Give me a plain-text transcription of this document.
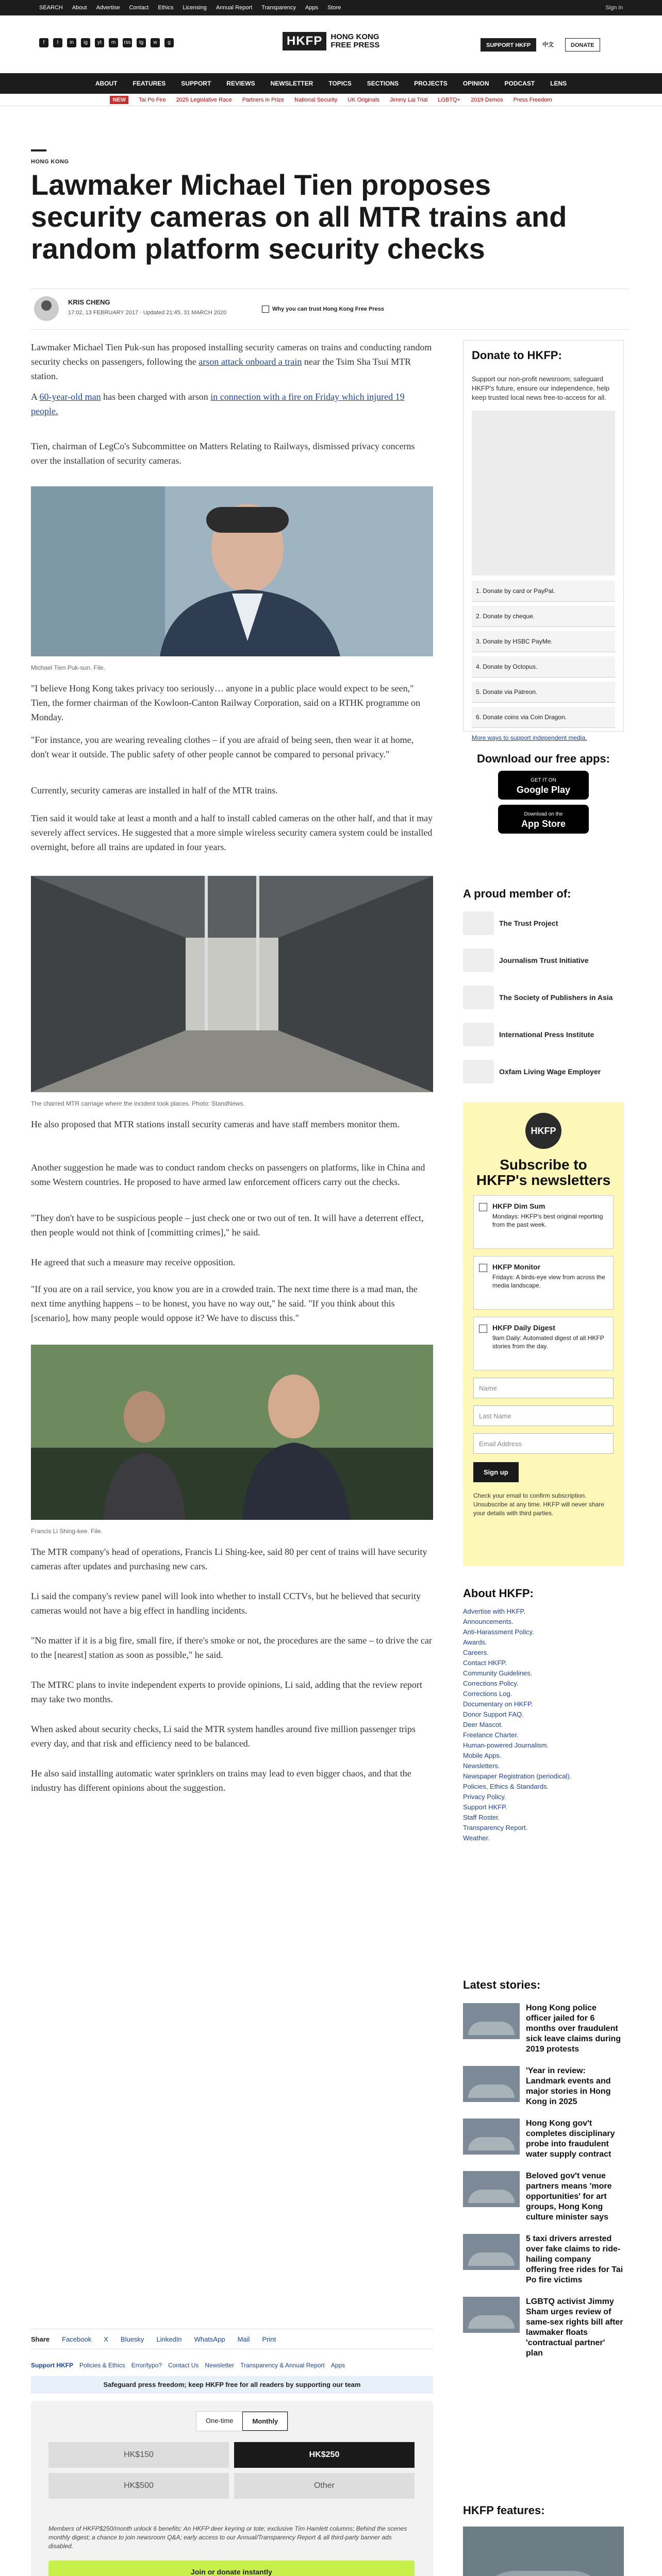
SEARCH About Advertise Contact Ethics Licensing Annual Report Transparency Apps Store	Sign in
f	t	in	ig	yt	m	rss	tg	w	g	HKFP	HONG KONG
FREE PRESS	SUPPORT HKFP	中文	DONATE
ABOUT	FEATURES	SUPPORT	REVIEWS	NEWSLETTER	TOPICS	SECTIONS	PROJECTS	OPINION	PODCAST	LENS
NEW	Tai Po Fire 2025 Legislative Race Partners in Prize National Security UK Originals Jimmy Lai Trial LGBTQ+ 2019 Demos Press Freedom
HONG KONG
Lawmaker Michael Tien proposes security cameras on all MTR trains and random platform security checks
KRIS CHENG
17:02, 13 FEBRUARY 2017 · Updated 21:45, 31 MARCH 2020
Why you can trust Hong Kong Free Press

Lawmaker Michael Tien Puk-sun has proposed installing security cameras on trains and conducting random security checks on passengers, following the arson attack onboard a train near the Tsim Sha Tsui MTR station.

A 60-year-old man has been charged with arson in connection with a fire on Friday which injured 19 people.

Tien, chairman of LegCo's Subcommittee on Matters Relating to Railways, dismissed privacy concerns over the installation of security cameras.

Michael Tien Puk-sun. File.

"I believe Hong Kong takes privacy too seriously… anyone in a public place would expect to be seen," Tien, the former chairman of the Kowloon-Canton Railway Corporation, said on a RTHK programme on Monday.

"For instance, you are wearing revealing clothes – if you are afraid of being seen, then wear it at home, don't wear it outside. The public safety of other people cannot be compared to personal privacy."

Currently, security cameras are installed in half of the MTR trains.

Tien said it would take at least a month and a half to install cabled cameras on the other half, and that it may severely affect services. He suggested that a more simple wireless security camera system could be installed overnight, before all trains are updated in four years.

The charred MTR carriage where the incident took places. Photo: StandNews.

He also proposed that MTR stations install security cameras and have staff members monitor them.

Another suggestion he made was to conduct random checks on passengers on platforms, like in China and some Western countries. He proposed to have armed law enforcement officers carry out the checks.

"They don't have to be suspicious people – just check one or two out of ten. It will have a deterrent effect, then people would not think of [committing crimes]," he said.

He agreed that such a measure may receive opposition.

"If you are on a rail service, you know you are in a crowded train. The next time there is a mad man, the next time anything happens – to be honest, you have no way out," he said. "If you think about this [scenario], how many people would oppose it? We have to discuss this."

Francis Li Shing-kee. File.

The MTR company's head of operations, Francis Li Shing-kee, said 80 per cent of trains will have security cameras after updates and purchasing new cars.

Li said the company's review panel will look into whether to install CCTVs, but he believed that security cameras would not have a big effect in handling incidents.

"No matter if it is a big fire, small fire, if there's smoke or not, the procedures are the same – to drive the car to the [nearest] station as soon as possible," he said.

The MTRC plans to invite independent experts to provide opinions, Li said, adding that the review report may take two months.

When asked about security checks, Li said the MTR system handles around five million passenger trips every day, and that risk and efficiency need to be balanced.

He also said installing automatic water sprinklers on trains may lead to even bigger chaos, and that the industry has different opinions about the suggestion.

Donate to HKFP:
Support our non-profit newsroom; safeguard HKFP's future, ensure our independence, help keep trusted local news free-to-access for all.
1. Donate by card or PayPal.
2. Donate by cheque.
3. Donate by HSBC PayMe.
4. Donate by Octopus.
5. Donate via Patreon.
6. Donate coins via Coin Dragon.
More ways to support independent media.
Download our free apps:
GET IT ON
Google Play
Download on the
App Store
A proud member of:
The Trust Project
Journalism Trust Initiative
The Society of Publishers in Asia
International Press Institute
Oxfam Living Wage Employer
HKFP
Subscribe to HKFP's newsletters
HKFP Dim Sum
Mondays: HKFP's best original reporting from the past week.
HKFP Monitor
Fridays: A birds-eye view from across the media landscape.
HKFP Daily Digest
9am Daily: Automated digest of all HKFP stories from the day.
Name
Last Name
Email Address
Sign up
Check your email to confirm subscription. Unsubscribe at any time. HKFP will never share your details with third parties.
About HKFP:
Advertise with HKFP.
Announcements.
Anti-Harassment Policy.
Awards.
Careers.
Contact HKFP.
Community Guidelines.
Corrections Policy.
Corrections Log.
Documentary on HKFP.
Donor Support FAQ.
Deer Mascot.
Freelance Charter.
Human-powered Journalism.
Mobile Apps.
Newsletters.
Newspaper Registration (periodical).
Policies, Ethics & Standards.
Privacy Policy.
Support HKFP.
Staff Roster.
Transparency Report.
Weather.
Latest stories:
Hong Kong police officer jailed for 6 months over fraudulent sick leave claims during 2019 protests
'Year in review: Landmark events and major stories in Hong Kong in 2025
Hong Kong gov't completes disciplinary probe into fraudulent water supply contract
Beloved gov't venue partners means 'more opportunities' for art groups, Hong Kong culture minister says
5 taxi drivers arrested over fake claims to ride-hailing company offering free rides for Tai Po fire victims
LGBTQ activist Jimmy Sham urges review of same-sex rights bill after lawmaker floats 'contractual partner' plan
HKFP features:
Share Facebook X Bluesky LinkedIn WhatsApp Mail Print
Support HKFP Policies & Ethics Error/typo? Contact Us Newsletter Transparency & Annual Report Apps
Safeguard press freedom; keep HKFP free for all readers by supporting our team
One-time	Monthly
HK$150	HK$250
HK$500	Other
Members of HKFP$250/month unlock 6 benefits: An HKFP deer keyring or tote; exclusive Tim Hamlett columns; Behind the scenes monthly digest; a chance to join newsroom Q&A; early access to our Annual/Transparency Report & all third-party banner ads disabled.
Join or donate instantly
